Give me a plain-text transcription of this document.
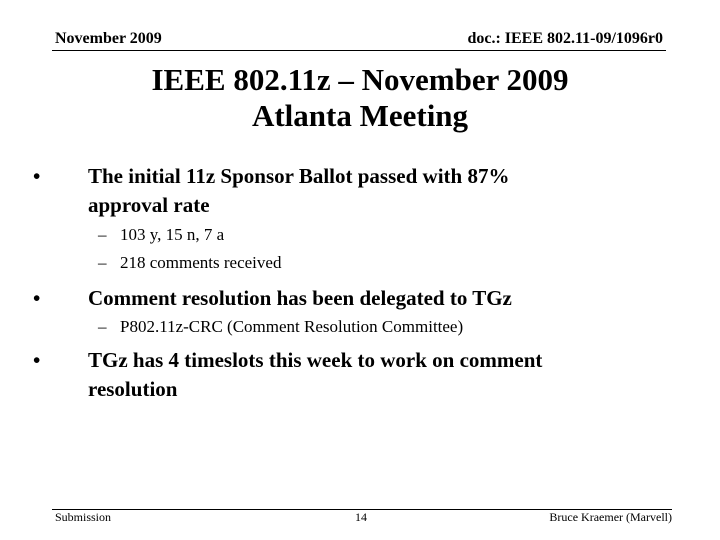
November 2009	doc.: IEEE 802.11-09/1096r0
IEEE 802.11z – November 2009
Atlanta Meeting
• The initial 11z Sponsor Ballot passed with 87%
approval rate
– 103 y, 15 n, 7 a
– 218 comments received
• Comment resolution has been delegated to TGz
– P802.11z-CRC (Comment Resolution Committee)
• TGz has 4 timeslots this week to work on comment
resolution
Submission	14	Bruce Kraemer (Marvell)
